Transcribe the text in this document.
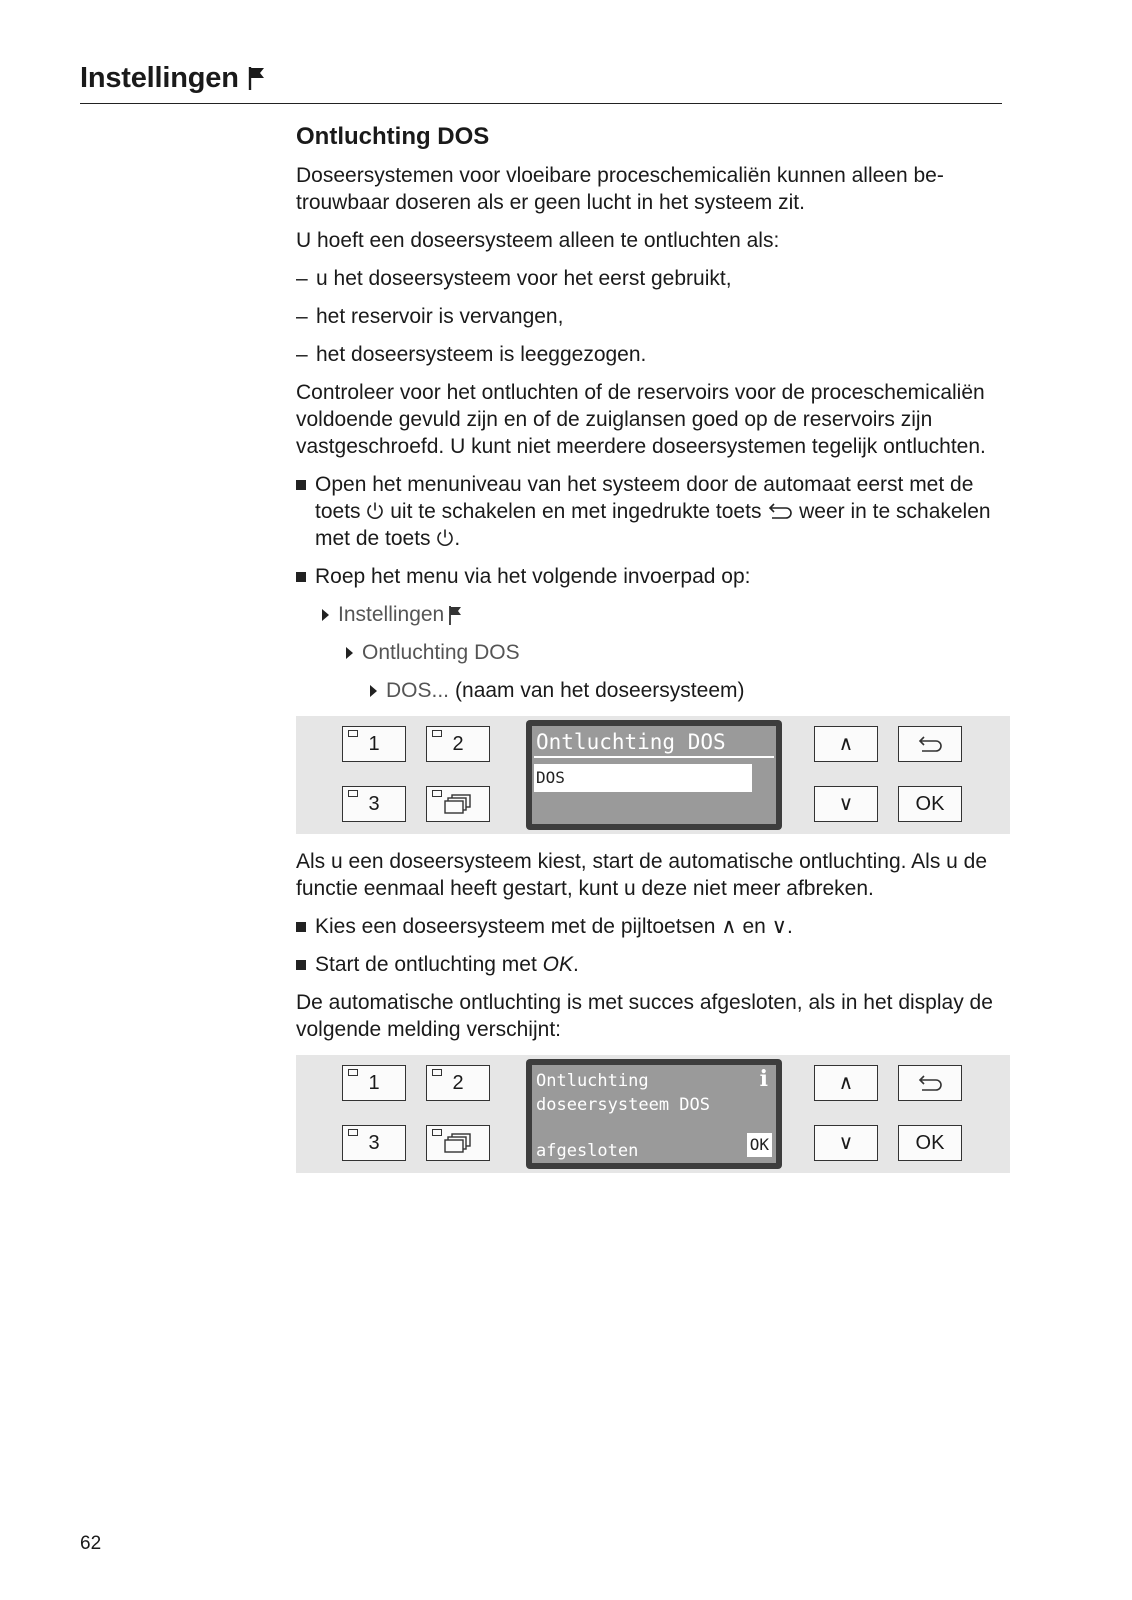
Instellingen
Ontluchting DOS

Doseersystemen voor vloeibare proceschemicaliën kunnen alleen betrouwbaar doseren als er geen lucht in het systeem zit.

U hoeft een doseersysteem alleen te ontluchten als:

– u het doseersysteem voor het eerst gebruikt,
– het reservoir is vervangen,
– het doseersysteem is leeggezogen.

Controleer voor het ontluchten of de reservoirs voor de proceschemicaliën voldoende gevuld zijn en of de zuiglansen goed op de reservoirs zijn vastgeschroefd. U kunt niet meerdere doseersystemen tegelijk ontluchten.

Open het menuniveau van het systeem door de automaat eerst met de toets uit te schakelen en met ingedrukte toets weer in te schakelen met de toets .
Roep het menu via het volgende invoerpad op:
Instellingen
Ontluchting DOS
DOS... (naam van het doseersysteem)
1	2
3
Ontluchting DOS
DOS
∧
∨	OK

Als u een doseersysteem kiest, start de automatische ontluchting. Als u de functie eenmaal heeft gestart, kunt u deze niet meer afbreken.

Kies een doseersysteem met de pijltoetsen ∧ en ∨.
Start de ontluchting met OK.

De automatische ontluchting is met succes afgesloten, als in het display de volgende melding verschijnt:

1	2
3
Ontluchting
doseersysteem DOS
afgesloten
i
OK
∧
∨	OK
62
